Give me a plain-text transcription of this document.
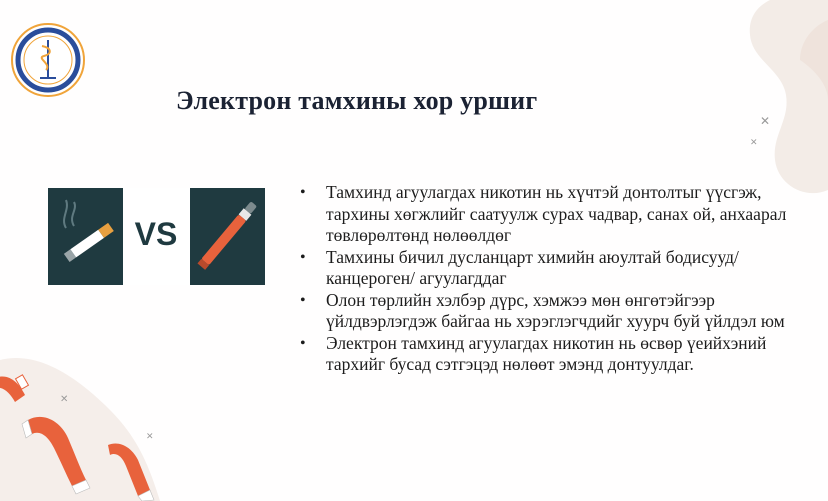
✕
✕
✕
✕
Электрон тамхины хор уршиг
VS
• Тамхинд агуулагдах никотин нь хүчтэй донтолтыг үүсгэж, тархины хөгжлийг саатуулж сурах чадвар, санах ой, анхаарал төвлөрөлтөнд нөлөөлдөг
• Тамхины бичил дусланцарт химийн аюултай бодисууд/ канцероген/ агуулагддаг
• Олон төрлийн хэлбэр дүрс, хэмжээ мөн өнгөтэйгээр үйлдвэрлэгдэж байгаа нь хэрэглэгчдийг хуурч буй үйлдэл юм
• Электрон тамхинд агуулагдах никотин нь өсвөр үеийхэний тархийг бусад сэтгэцэд нөлөөт эмэнд донтуулдаг.
